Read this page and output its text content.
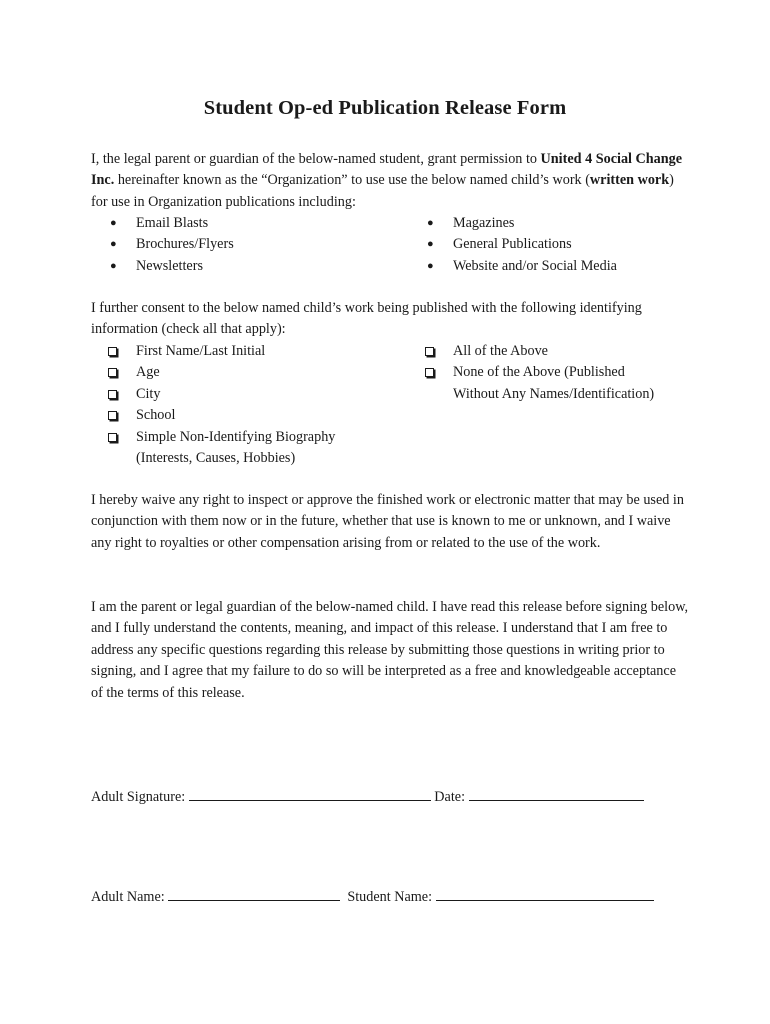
Student Op-ed Publication Release Form
I, the legal parent or guardian of the below-named student, grant permission to United 4 Social Change Inc. hereinafter known as the “Organization” to use use the below named child’s work (written work) for use in Organization publications including:
● Email Blasts
● Brochures/Flyers
● Newsletters
● Magazines
● General Publications
● Website and/or Social Media
I further consent to the below named child’s work being published with the following identifying information (check all that apply):
First Name/Last Initial
Age
City
School
Simple Non-Identifying Biography
(Interests, Causes, Hobbies)
All of the Above
None of the Above (Published
Without Any Names/Identification)
I hereby waive any right to inspect or approve the finished work or electronic matter that may be used in conjunction with them now or in the future, whether that use is known to me or unknown, and I waive any right to royalties or other compensation arising from or related to the use of the work.
I am the parent or legal guardian of the below-named child. I have read this release before signing below, and I fully understand the contents, meaning, and impact of this release. I understand that I am free to address any specific questions regarding this release by submitting those questions in writing prior to signing, and I agree that my failure to do so will be interpreted as a free and knowledgeable acceptance of the terms of this release.
Adult Signature:	Date:
Adult Name:	Student Name:
